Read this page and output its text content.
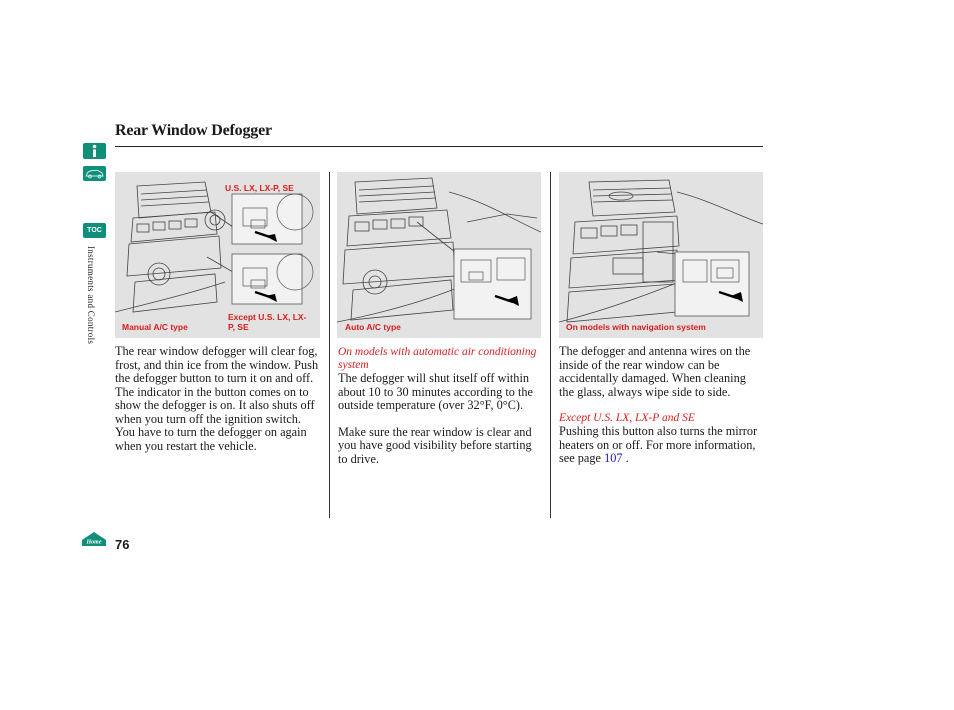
TOC
Instruments and Controls
Rear Window Defogger
U.S. LX, LX-P, SE
Except U.S. LX, LX-P, SE
Manual A/C type	Auto A/C type	On models with navigation system

The rear window defogger will clear fog, frost, and thin ice from the window. Push the defogger button to turn it on and off. The indicator in the button comes on to show the defogger is on. It also shuts off when you turn off the ignition switch. You have to turn the defogger on again when you restart the vehicle.

On models with automatic air conditioning system

The defogger will shut itself off within about 10 to 30 minutes according to the outside temperature (over 32°F, 0°C).

Make sure the rear window is clear and you have good visibility before starting to drive.

The defogger and antenna wires on the inside of the rear window can be accidentally damaged. When cleaning the glass, always wipe side to side.

Except U.S. LX, LX-P and SE

Pushing this button also turns the mirror heaters on or off. For more information, see page 107 .

Home 76
